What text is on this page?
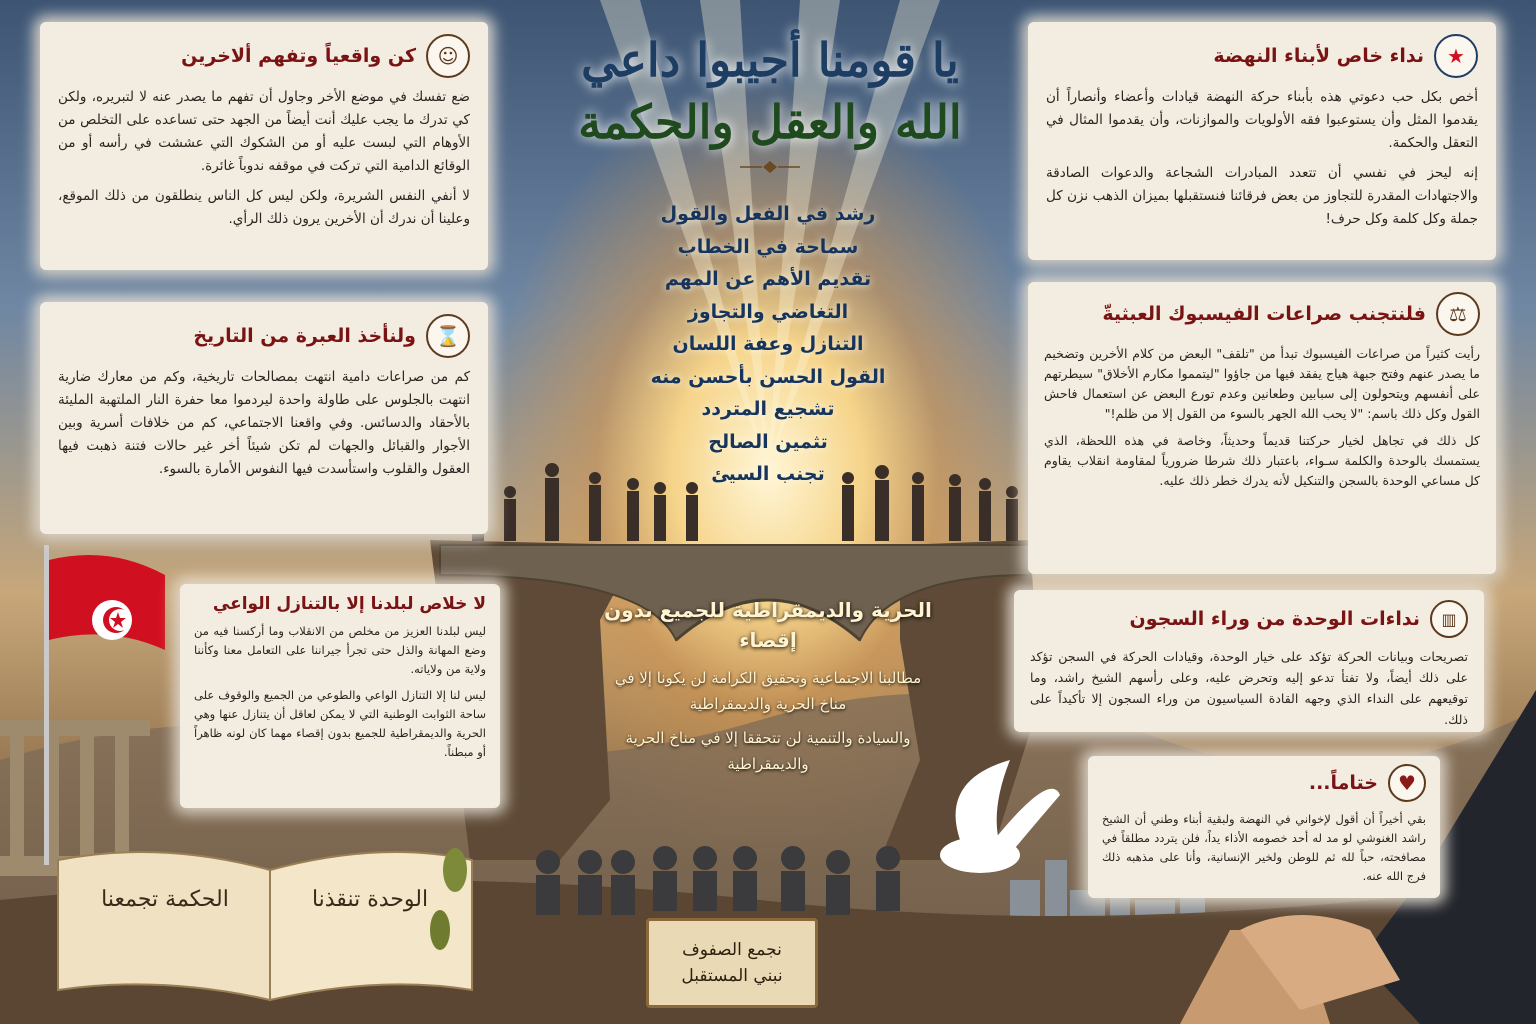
يا قومنا أجيبوا داعي
الله والعقل والحكمة
رشد في الفعل والقول
سماحة في الخطاب
تقديم الأهم عن المهم
التغاضي والتجاوز
التنازل وعفة اللسان
القول الحسن بأحسن منه
تشجيع المتردد
تثمين الصالح
تجنب السيئ
الحرية والديمقراطية للجميع بدون إقصاء
مطالبنا الاجتماعية وتحقيق الكرامة لن يكونا إلا في مناخ الحرية والديمقراطية
والسيادة والتنمية لن تتحققا إلا في مناخ الحرية والديمقراطية
☺
كن واقعياً وتفهم ألاخرين

ضع تفسك في موضع الأخر وجاول أن تفهم ما يصدر عنه لا لتبريره، ولكن كي تدرك ما يجب عليك أنت أيضاً من الجهد حتى تساعده على التخلص من الأوهام التي لبست عليه أو من الشكوك التي عششت في رأسه أو من الوقائع الدامية التي تركت في موقفه ندوباً غائرة.

لا أنفي النفس الشريرة، ولكن ليس كل الناس ينطلقون من ذلك الموقع، وعلينا أن ندرك أن الأخرين يرون ذلك الرأي.

⌛
ولنأخذ العبرة من التاريخ

كم من صراعات دامية انتهت بمصالحات تاريخية، وكم من معارك ضارية انتهت بالجلوس على طاولة واحدة ليردموا معا حفرة النار الملتهبة المليئة بالأحقاد والدسائس. وفي واقعنا الاجتماعي، كم من خلافات أسرية وبين الأجوار والقبائل والجهات لم تكن شيئاً أخر غير حالات فتنة ذهبت فيها العقول والقلوب واستأسدت فيها النفوس الأمارة بالسوء.

لا خلاص لبلدنا إلا بالتنازل الواعي

ليس لبلدنا العزيز من مخلص من الانقلاب وما أركسنا فيه من وضع المهانة والذل حتى تجرأ جيراننا على التعامل معنا وكأننا ولاية من ولاياته.

ليس لنا إلا التنازل الواعي والطوعي من الجميع والوقوف على ساحة الثوابت الوطنية التي لا يمكن لعاقل أن يتنازل عنها وهي الحرية والديمقراطية للجميع بدون إقصاء مهما كان لونه ظاهراً أو مبطناً.

★
نداء خاص لأبناء النهضة

أخص بكل حب دعوتي هذه بأبناء حركة النهضة قيادات وأعضاء وأنصاراً أن يقدموا المثل وأن يستوعبوا فقه الأولويات والموازنات، وأن يقدموا المثال في التعقل والحكمة.

إنه ليحز في نفسي أن تتعدد المبادرات الشجاعة والدعوات الصادقة والاجتهادات المقدرة للتجاوز من بعض فرقائنا فنستقبلها بميزان الذهب نزن كل جملة وكل كلمة وكل حرف!

⚖
فلنتجنب صراعات الفيسبوك العبثيةّ

رأيت كثيراً من صراعات الفيسبوك تبدأ من "تلقف" البعض من كلام الأخرين وتضخيم ما يصدر عنهم وفتح جبهة هياج يفقد فيها من جاؤوا "ليتمموا مكارم الأخلاق" سيطرتهم على أنفسهم ويتحولون إلى سبابين وطعانين وعدم تورع البعض عن استعمال فاحش القول وكل ذلك باسم: "لا يحب الله الجهر بالسوء من القول إلا من ظلم!"

كل ذلك في تجاهل لخيار حركتنا قديماً وحديثاً، وخاصة في هذه اللحظة، الذي يستمسك بالوحدة والكلمة سـواء، باعتبار ذلك شرطا ضرورياً لمقاومة انقلاب يقاوم كل مساعي الوحدة بالسجن والتنكيل لأنه يدرك خطر ذلك عليه.

▥
نداءات الوحدة من وراء السجون

تصريحات وبيانات الحركة تؤكد على خيار الوحدة، وقيادات الحركة في السجن تؤكد على ذلك أيضاً، ولا تفتأ تدعو إليه وتحرض عليه، وعلى رأسهم الشيخ راشد، وما توقيعهم على النداء الذي وجهه القادة السياسيون من وراء السجون إلا تأكيداً على ذلك.

♥
ختاماً...

بقي أخيراً أن أقول لإخواني في النهضة ولبقية أبناء وطني أن الشيخ راشد الغنوشي لو مد له أحد خصومه الأذاء يداً، فلن يتردد مطلقاً في مصافحته، حباً لله ثم للوطن ولخير الإنسانية، وأنا على مذهبه ذلك فرج الله عنه.

الحكمة تجمعنا	الوحدة تنقذنا
نجمع الصفوف
نبني المستقبل
